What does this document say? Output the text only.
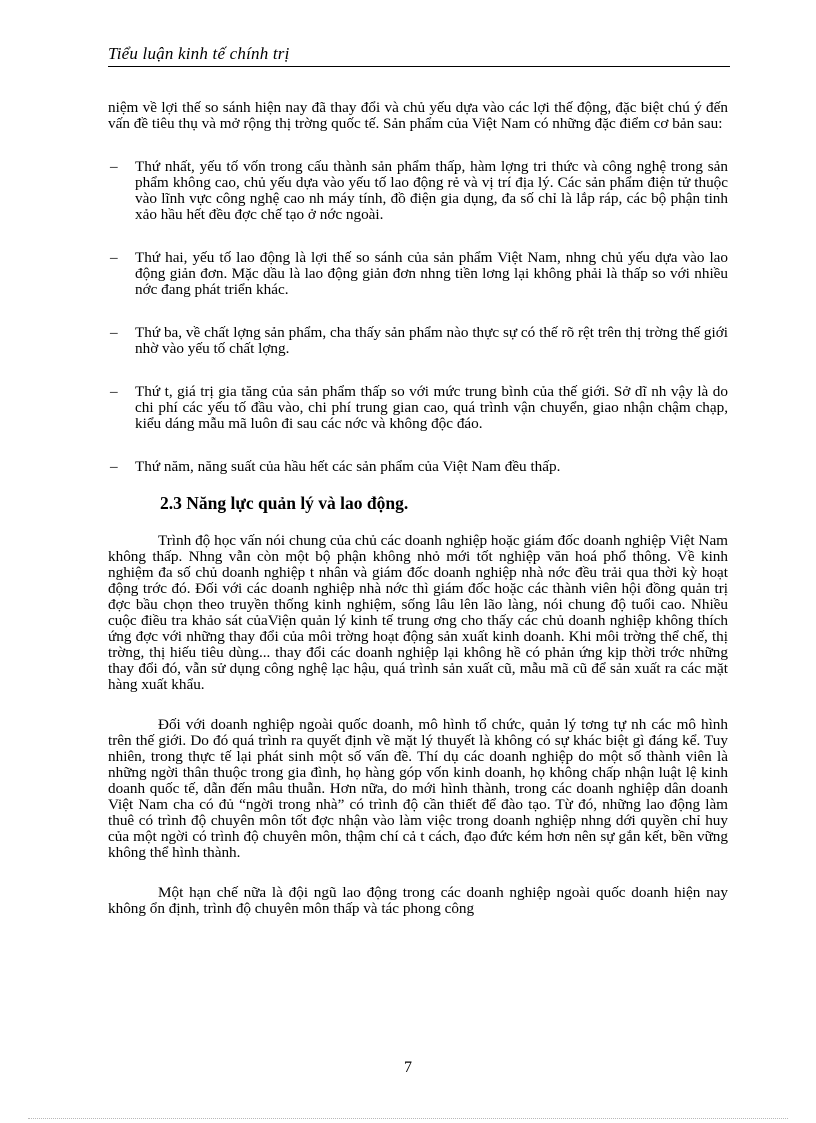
Tiểu luận kinh tế chính trị

niệm về lợi thế so sánh hiện nay đã thay đổi và chủ yếu dựa vào các lợi thế động, đặc biệt chú ý đến vấn đề tiêu thụ và mở rộng thị trờng quốc tế. Sản phẩm của Việt Nam có những đặc điểm cơ bản sau:

– Thứ nhất, yếu tố vốn trong cấu thành sản phẩm thấp, hàm lợng tri thức và công nghệ trong sản phẩm không cao, chủ yếu dựa vào yếu tố lao động rẻ và vị trí địa lý. Các sản phẩm điện tử thuộc vào lĩnh vực công nghệ cao nh máy tính, đồ điện gia dụng, đa số chỉ là lắp ráp, các bộ phận tinh xảo hầu hết đều đợc chế tạo ở nớc ngoài.
– Thứ hai, yếu tố lao động là lợi thế so sánh của sản phẩm Việt Nam, nhng chủ yếu dựa vào lao động giản đơn. Mặc dầu là lao động giản đơn nhng tiền lơng lại không phải là thấp so với nhiều nớc đang phát triển khác.
– Thứ ba, về chất lợng sản phẩm, cha thấy sản phẩm nào thực sự có thế rõ rệt trên thị trờng thế giới nhờ vào yếu tố chất lợng.
– Thứ t, giá trị gia tăng của sản phẩm thấp so với mức trung bình của thế giới. Sở dĩ nh vậy là do chi phí các yếu tố đầu vào, chi phí trung gian cao, quá trình vận chuyển, giao nhận chậm chạp, kiểu dáng mẫu mã luôn đi sau các nớc và không độc đáo.
– Thứ năm, năng suất của hầu hết các sản phẩm của Việt Nam đều thấp.
2.3 Năng lực quản lý và lao động.

Trình độ học vấn nói chung của chủ các doanh nghiệp hoặc giám đốc doanh nghiệp Việt Nam không thấp. Nhng vẫn còn một bộ phận không nhỏ mới tốt nghiệp văn hoá phổ thông. Về kinh nghiệm đa số chủ doanh nghiệp t nhân và giám đốc doanh nghiệp nhà nớc đều trải qua thời kỳ hoạt động trớc đó. Đối với các doanh nghiệp nhà nớc thì giám đốc hoặc các thành viên hội đồng quản trị đợc bầu chọn theo truyền thống kinh nghiệm, sống lâu lên lão làng, nói chung độ tuổi cao. Nhiều cuộc điều tra khảo sát củaViện quản lý kinh tế trung ơng cho thấy các chủ doanh nghiệp không thích ứng đợc với những thay đổi của môi trờng hoạt động sản xuất kinh doanh. Khi môi trờng thể chế, thị trờng, thị hiếu tiêu dùng... thay đổi các doanh nghiệp lại không hề có phản ứng kịp thời trớc những thay đổi đó, vẫn sử dụng công nghệ lạc hậu, quá trình sản xuất cũ, mẫu mã cũ để sản xuất ra các mặt hàng xuất khẩu.

Đối với doanh nghiệp ngoài quốc doanh, mô hình tổ chức, quản lý tơng tự nh các mô hình trên thế giới. Do đó quá trình ra quyết định về mặt lý thuyết là không có sự khác biệt gì đáng kể. Tuy nhiên, trong thực tế lại phát sinh một số vấn đề. Thí dụ các doanh nghiệp do một số thành viên là những ngời thân thuộc trong gia đình, họ hàng góp vốn kinh doanh, họ không chấp nhận luật lệ kinh doanh quốc tế, dẫn đến mâu thuẫn. Hơn nữa, do mới hình thành, trong các doanh nghiệp dân doanh Việt Nam cha có đủ “ngời trong nhà” có trình độ cần thiết để đào tạo. Từ đó, những lao động làm thuê có trình độ chuyên môn tốt đợc nhận vào làm việc trong doanh nghiệp nhng dới quyền chỉ huy của một ngời có trình độ chuyên môn, thậm chí cả t cách, đạo đức kém hơn nên sự gắn kết, bền vững không thể hình thành.

Một hạn chế nữa là đội ngũ lao động trong các doanh nghiệp ngoài quốc doanh hiện nay không ổn định, trình độ chuyên môn thấp và tác phong công

7
